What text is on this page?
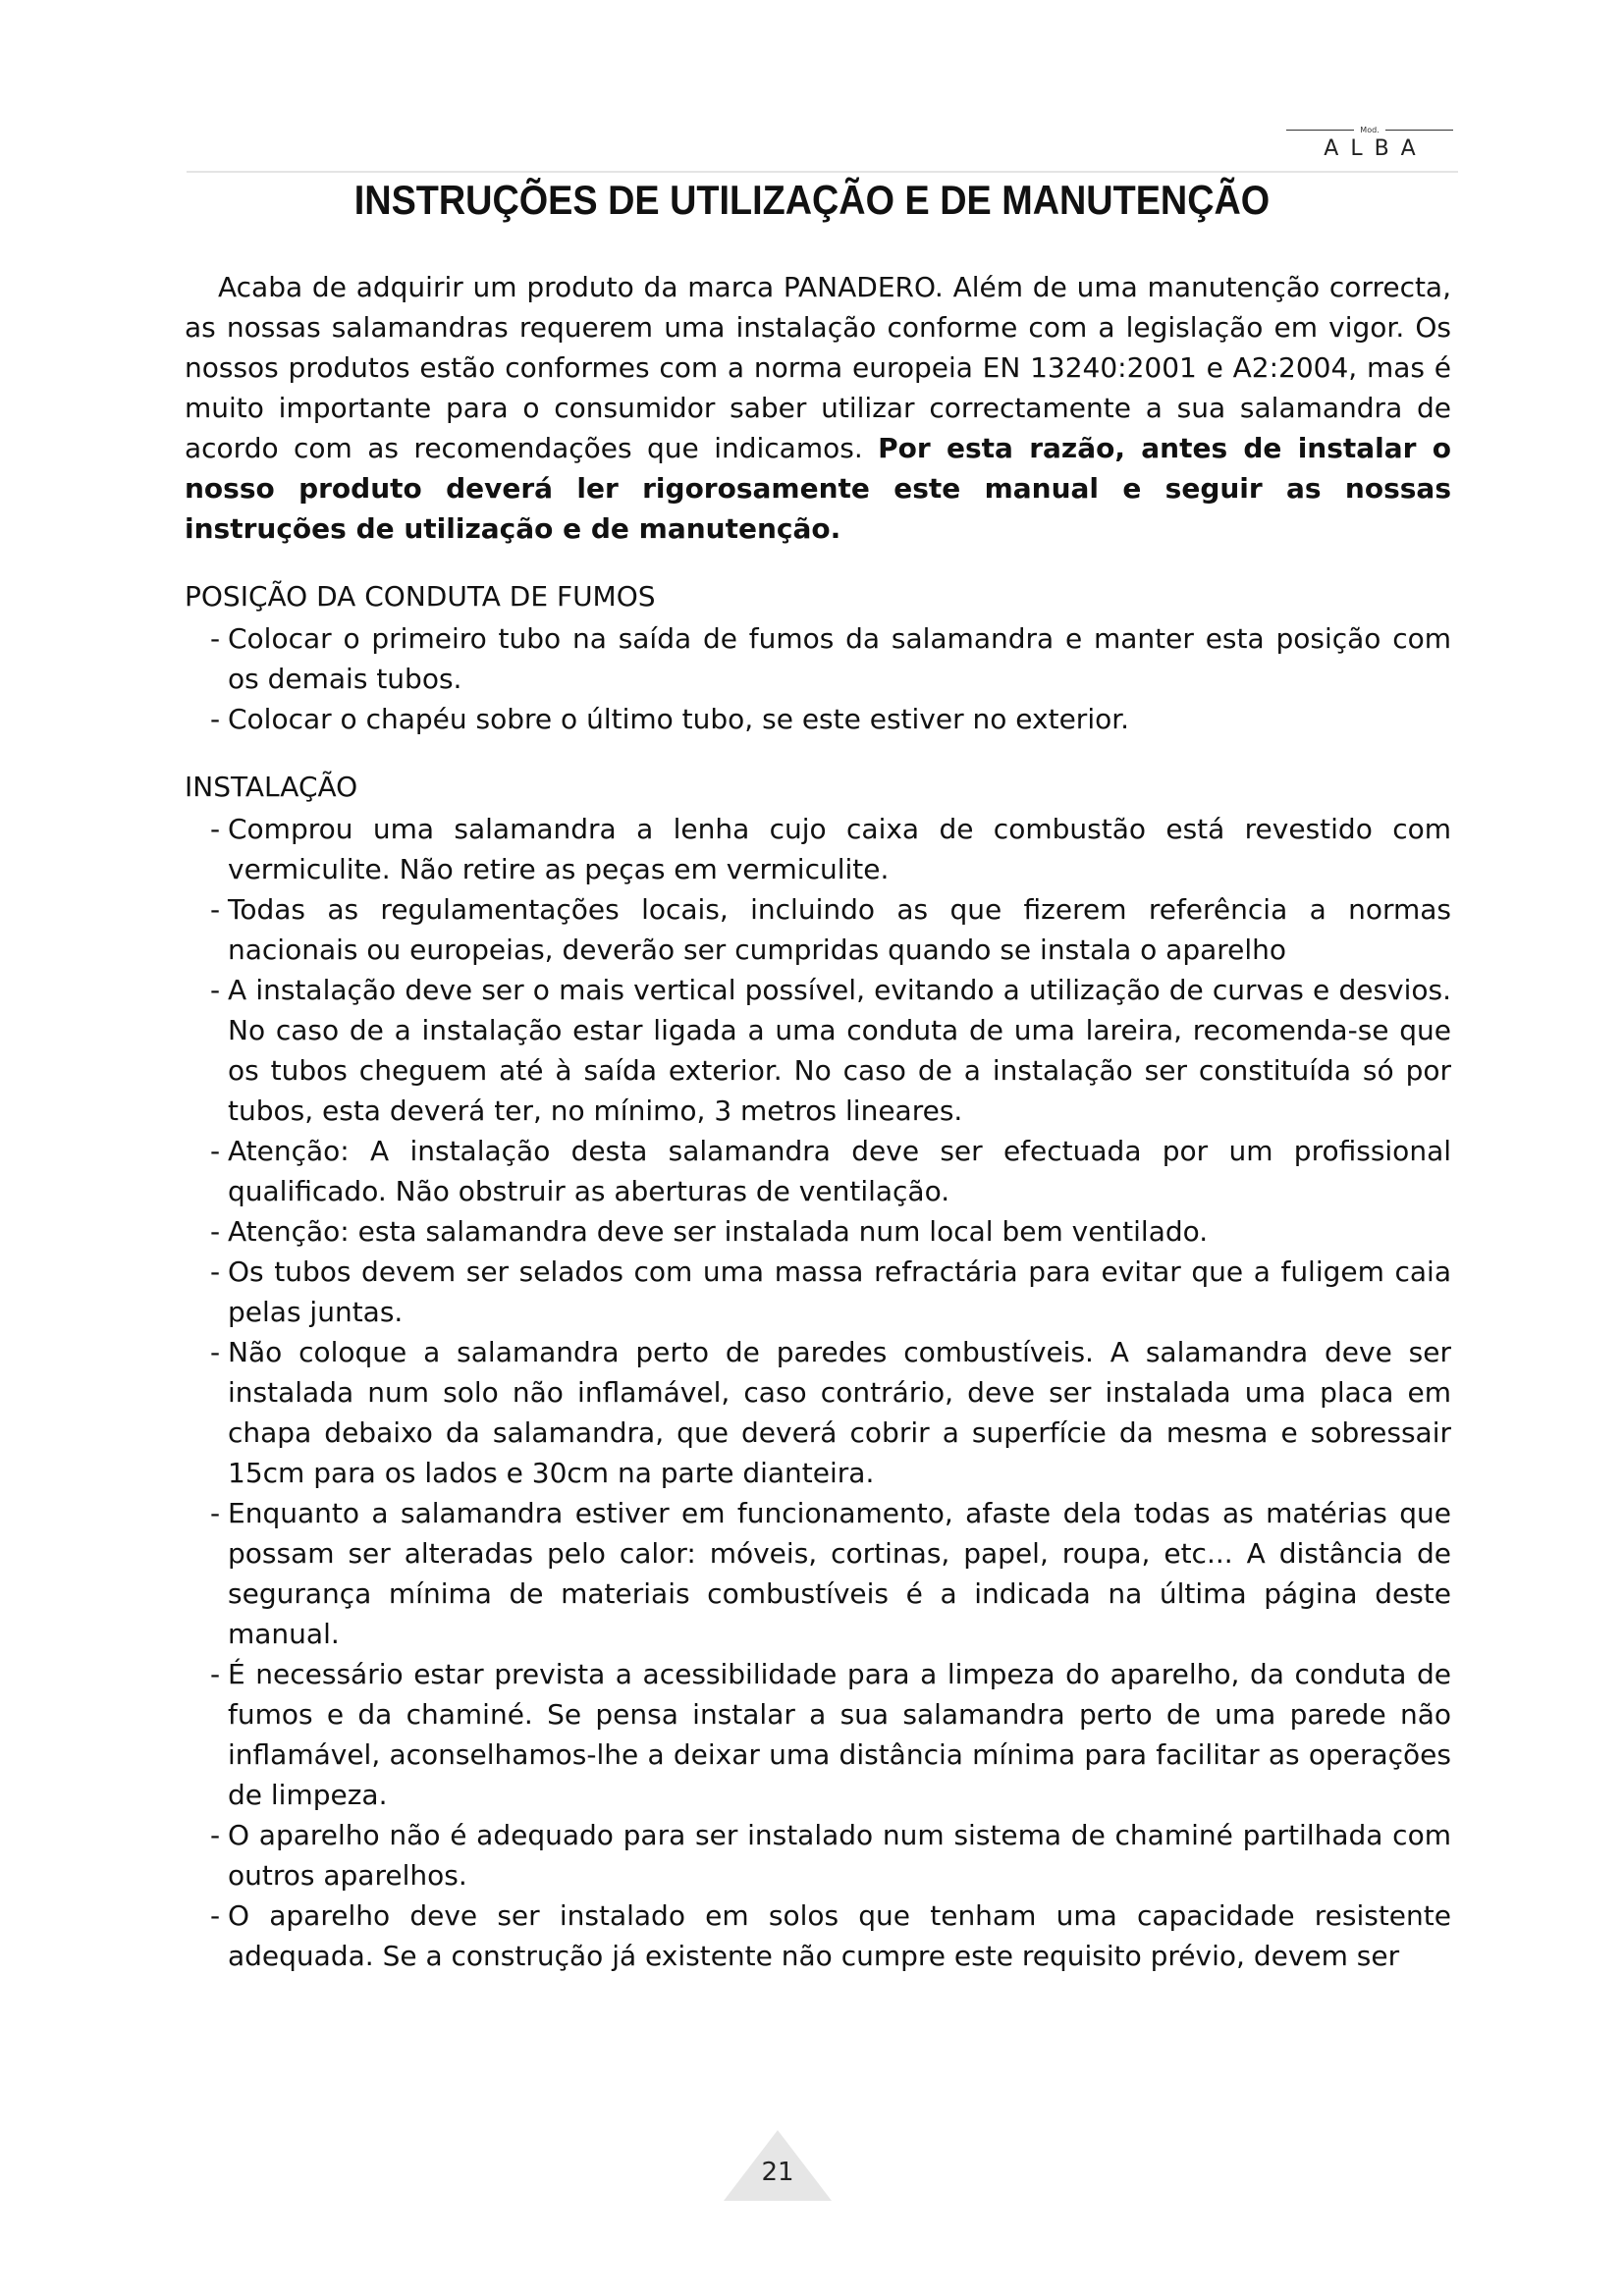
Mod.
ALBA
INSTRUÇÕES DE UTILIZAÇÃO E DE MANUTENÇÃO

Acaba de adquirir um produto da marca PANADERO. Além de uma manutenção correcta, as nossas salamandras requerem uma instalação conforme com a legislação em vigor. Os nossos produtos estão conformes com a norma europeia EN 13240:2001 e A2:2004, mas é muito importante para o consumidor saber utilizar correctamente a sua salamandra de acordo com as recomendações que indicamos. Por esta razão, antes de instalar o nosso produto deverá ler rigorosamente este manual e seguir as nossas instruções de utilização e de manutenção.

POSIÇÃO DA CONDUTA DE FUMOS
- Colocar o primeiro tubo na saída de fumos da salamandra e manter esta posição com os demais tubos.
- Colocar o chapéu sobre o último tubo, se este estiver no exterior.
INSTALAÇÃO
- Comprou uma salamandra a lenha cujo caixa de combustão está revestido com vermiculite. Não retire as peças em vermiculite.
- Todas as regulamentações locais, incluindo as que fizerem referência a normas nacionais ou europeias, deverão ser cumpridas quando se instala o aparelho
- A instalação deve ser o mais vertical possível, evitando a utilização de curvas e desvios. No caso de a instalação estar ligada a uma conduta de uma lareira, recomenda-se que os tubos cheguem até à saída exterior. No caso de a instalação ser constituída só por tubos, esta deverá ter, no mínimo, 3 metros lineares.
- Atenção: A instalação desta salamandra deve ser efectuada por um profissional qualificado. Não obstruir as aberturas de ventilação.
- Atenção: esta salamandra deve ser instalada num local bem ventilado.
- Os tubos devem ser selados com uma massa refractária para evitar que a fuligem caia pelas juntas.
- Não coloque a salamandra perto de paredes combustíveis. A salamandra deve ser instalada num solo não inflamável, caso contrário, deve ser instalada uma placa em chapa debaixo da salamandra, que deverá cobrir a superfície da mesma e sobressair 15cm para os lados e 30cm na parte dianteira.
- Enquanto a salamandra estiver em funcionamento, afaste dela todas as matérias que possam ser alteradas pelo calor: móveis, cortinas, papel, roupa, etc... A distância de segurança mínima de materiais combustíveis é a indicada na última página deste manual.
- É necessário estar prevista a acessibilidade para a limpeza do aparelho, da conduta de fumos e da chaminé. Se pensa instalar a sua salamandra perto de uma parede não inflamável, aconselhamos-lhe a deixar uma distância mínima para facilitar as operações de limpeza.
- O aparelho não é adequado para ser instalado num sistema de chaminé partilhada com outros aparelhos.
- O aparelho deve ser instalado em solos que tenham uma capacidade resistente adequada. Se a construção já existente não cumpre este requisito prévio, devem ser
21
